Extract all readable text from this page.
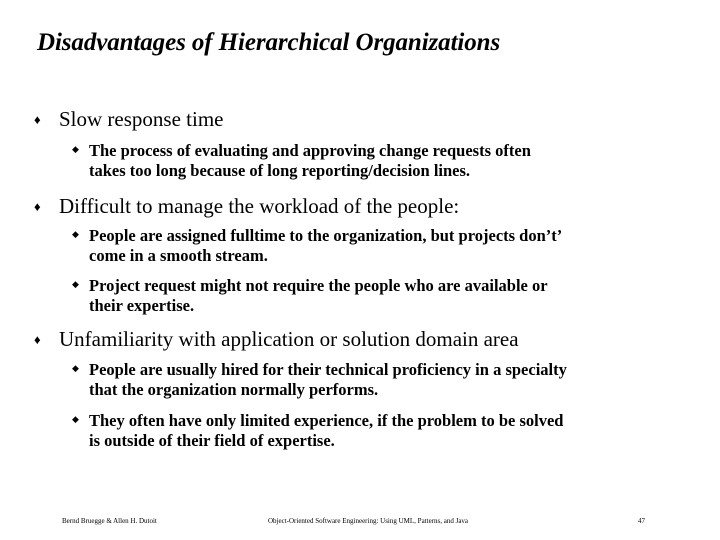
Disadvantages of Hierarchical Organizations
♦ Slow response time
◆ The process of evaluating and approving change requests often
takes too long because of long reporting/decision lines.
♦ Difficult to manage the workload of the people:
◆ People are assigned fulltime to the organization, but projects don’t’
come in a smooth stream.
◆ Project request might not require the people who are available or
their expertise.
♦ Unfamiliarity with application or solution domain area
◆ People are usually hired for their technical proficiency in a specialty
that the organization normally performs.
◆ They often have only limited experience, if the problem to be solved
is outside of their field of expertise.
Bernd Bruegge & Allen H. Dutoit	Object-Oriented Software Engineering: Using UML, Patterns, and Java	47
